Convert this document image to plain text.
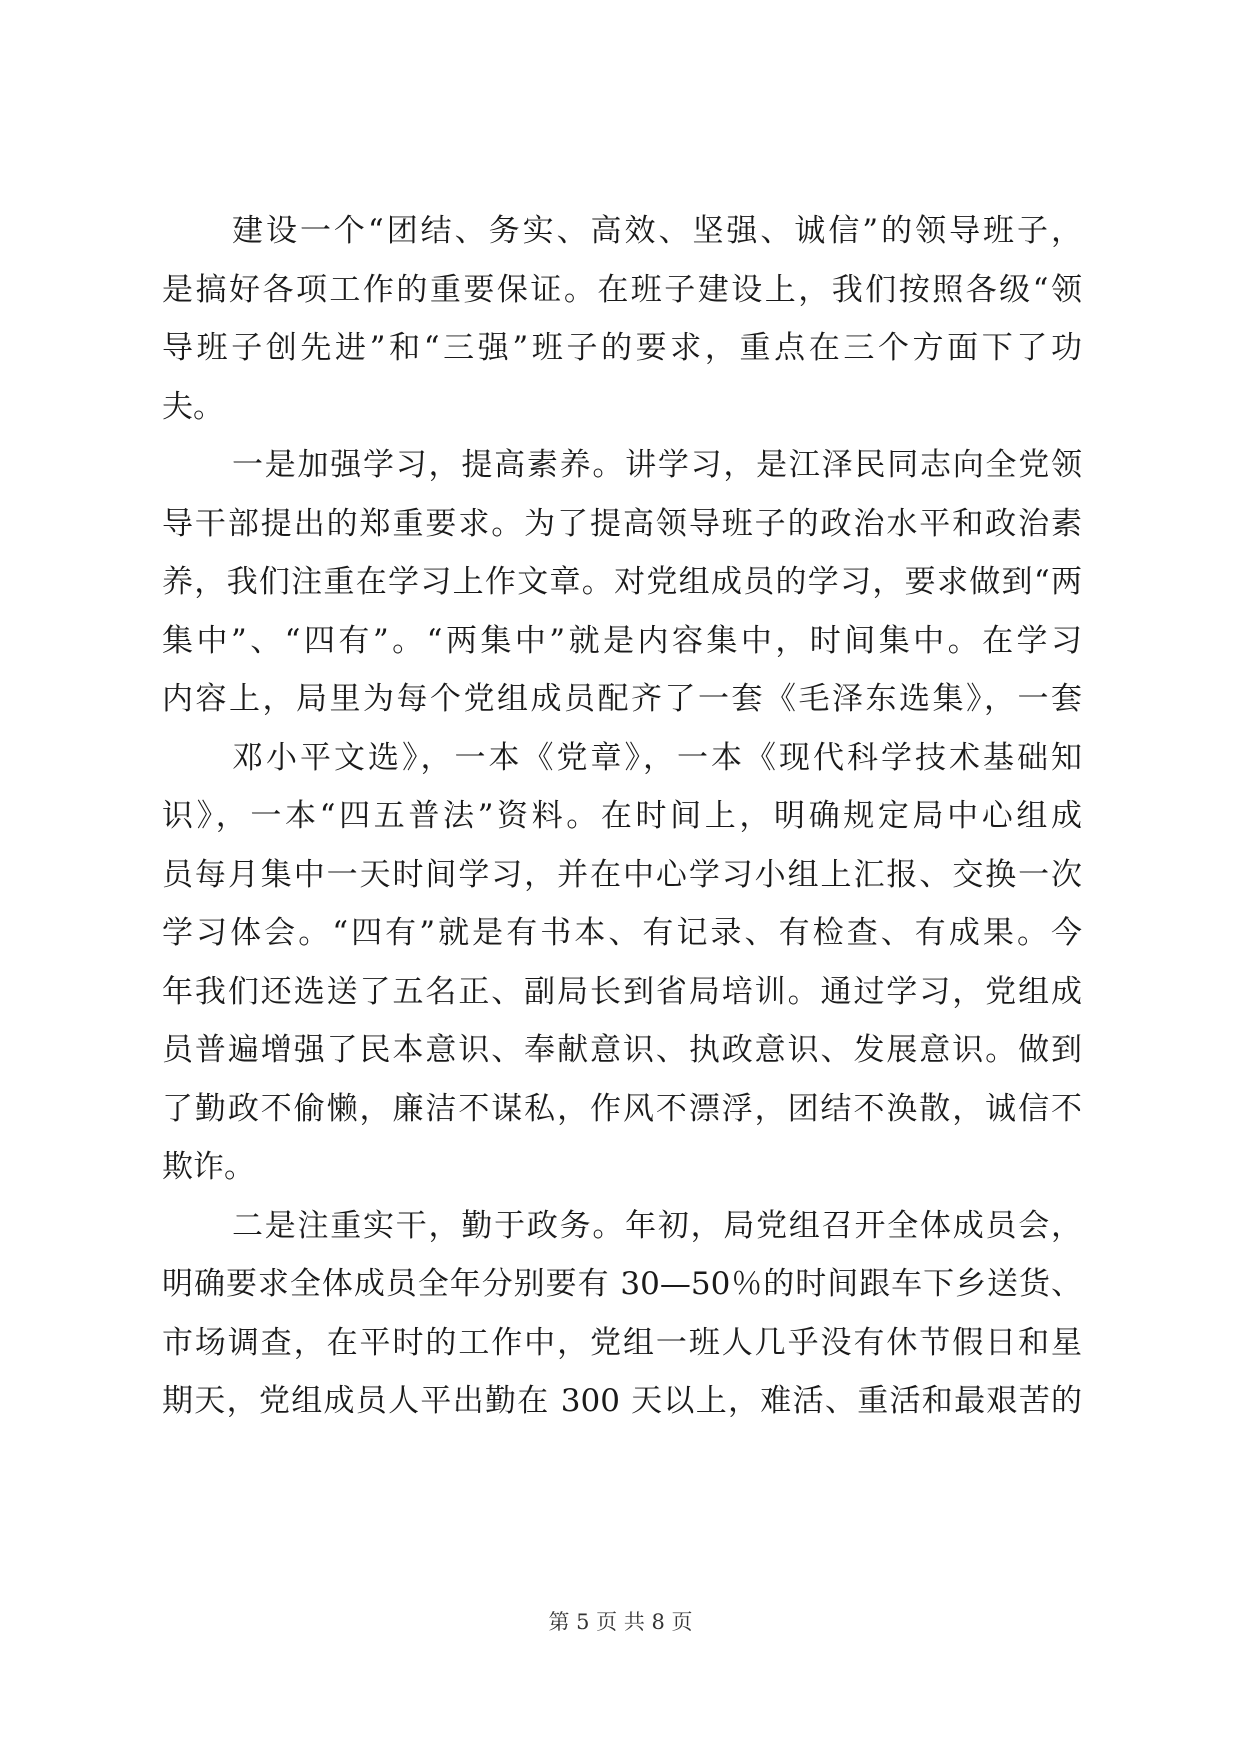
建设一个“团结、务实、高效、坚强、诚信”的领导班子，
是搞好各项工作的重要保证。在班子建设上，我们按照各级“领
导班子创先进”和“三强”班子的要求，重点在三个方面下了功
夫。
一是加强学习，提高素养。讲学习，是江泽民同志向全党领
导干部提出的郑重要求。为了提高领导班子的政治水平和政治素
养，我们注重在学习上作文章。对党组成员的学习，要求做到“两
集中”、“四有”。“两集中”就是内容集中，时间集中。在学习
内容上，局里为每个党组成员配齐了一套《毛泽东选集》，一套
邓小平文选》，一本《党章》，一本《现代科学技术基础知
识》，一本“四五普法”资料。在时间上，明确规定局中心组成
员每月集中一天时间学习，并在中心学习小组上汇报、交换一次
学习体会。“四有”就是有书本、有记录、有检查、有成果。今
年我们还选送了五名正、副局长到省局培训。通过学习，党组成
员普遍增强了民本意识、奉献意识、执政意识、发展意识。做到
了勤政不偷懒，廉洁不谋私，作风不漂浮，团结不涣散，诚信不
欺诈。
二是注重实干，勤于政务。年初，局党组召开全体成员会，
明确要求全体成员全年分别要有 30—50％的时间跟车下乡送货、
市场调查，在平时的工作中，党组一班人几乎没有休节假日和星
期天，党组成员人平出勤在 300 天以上，难活、重活和最艰苦的
第 5 页 共 8 页
